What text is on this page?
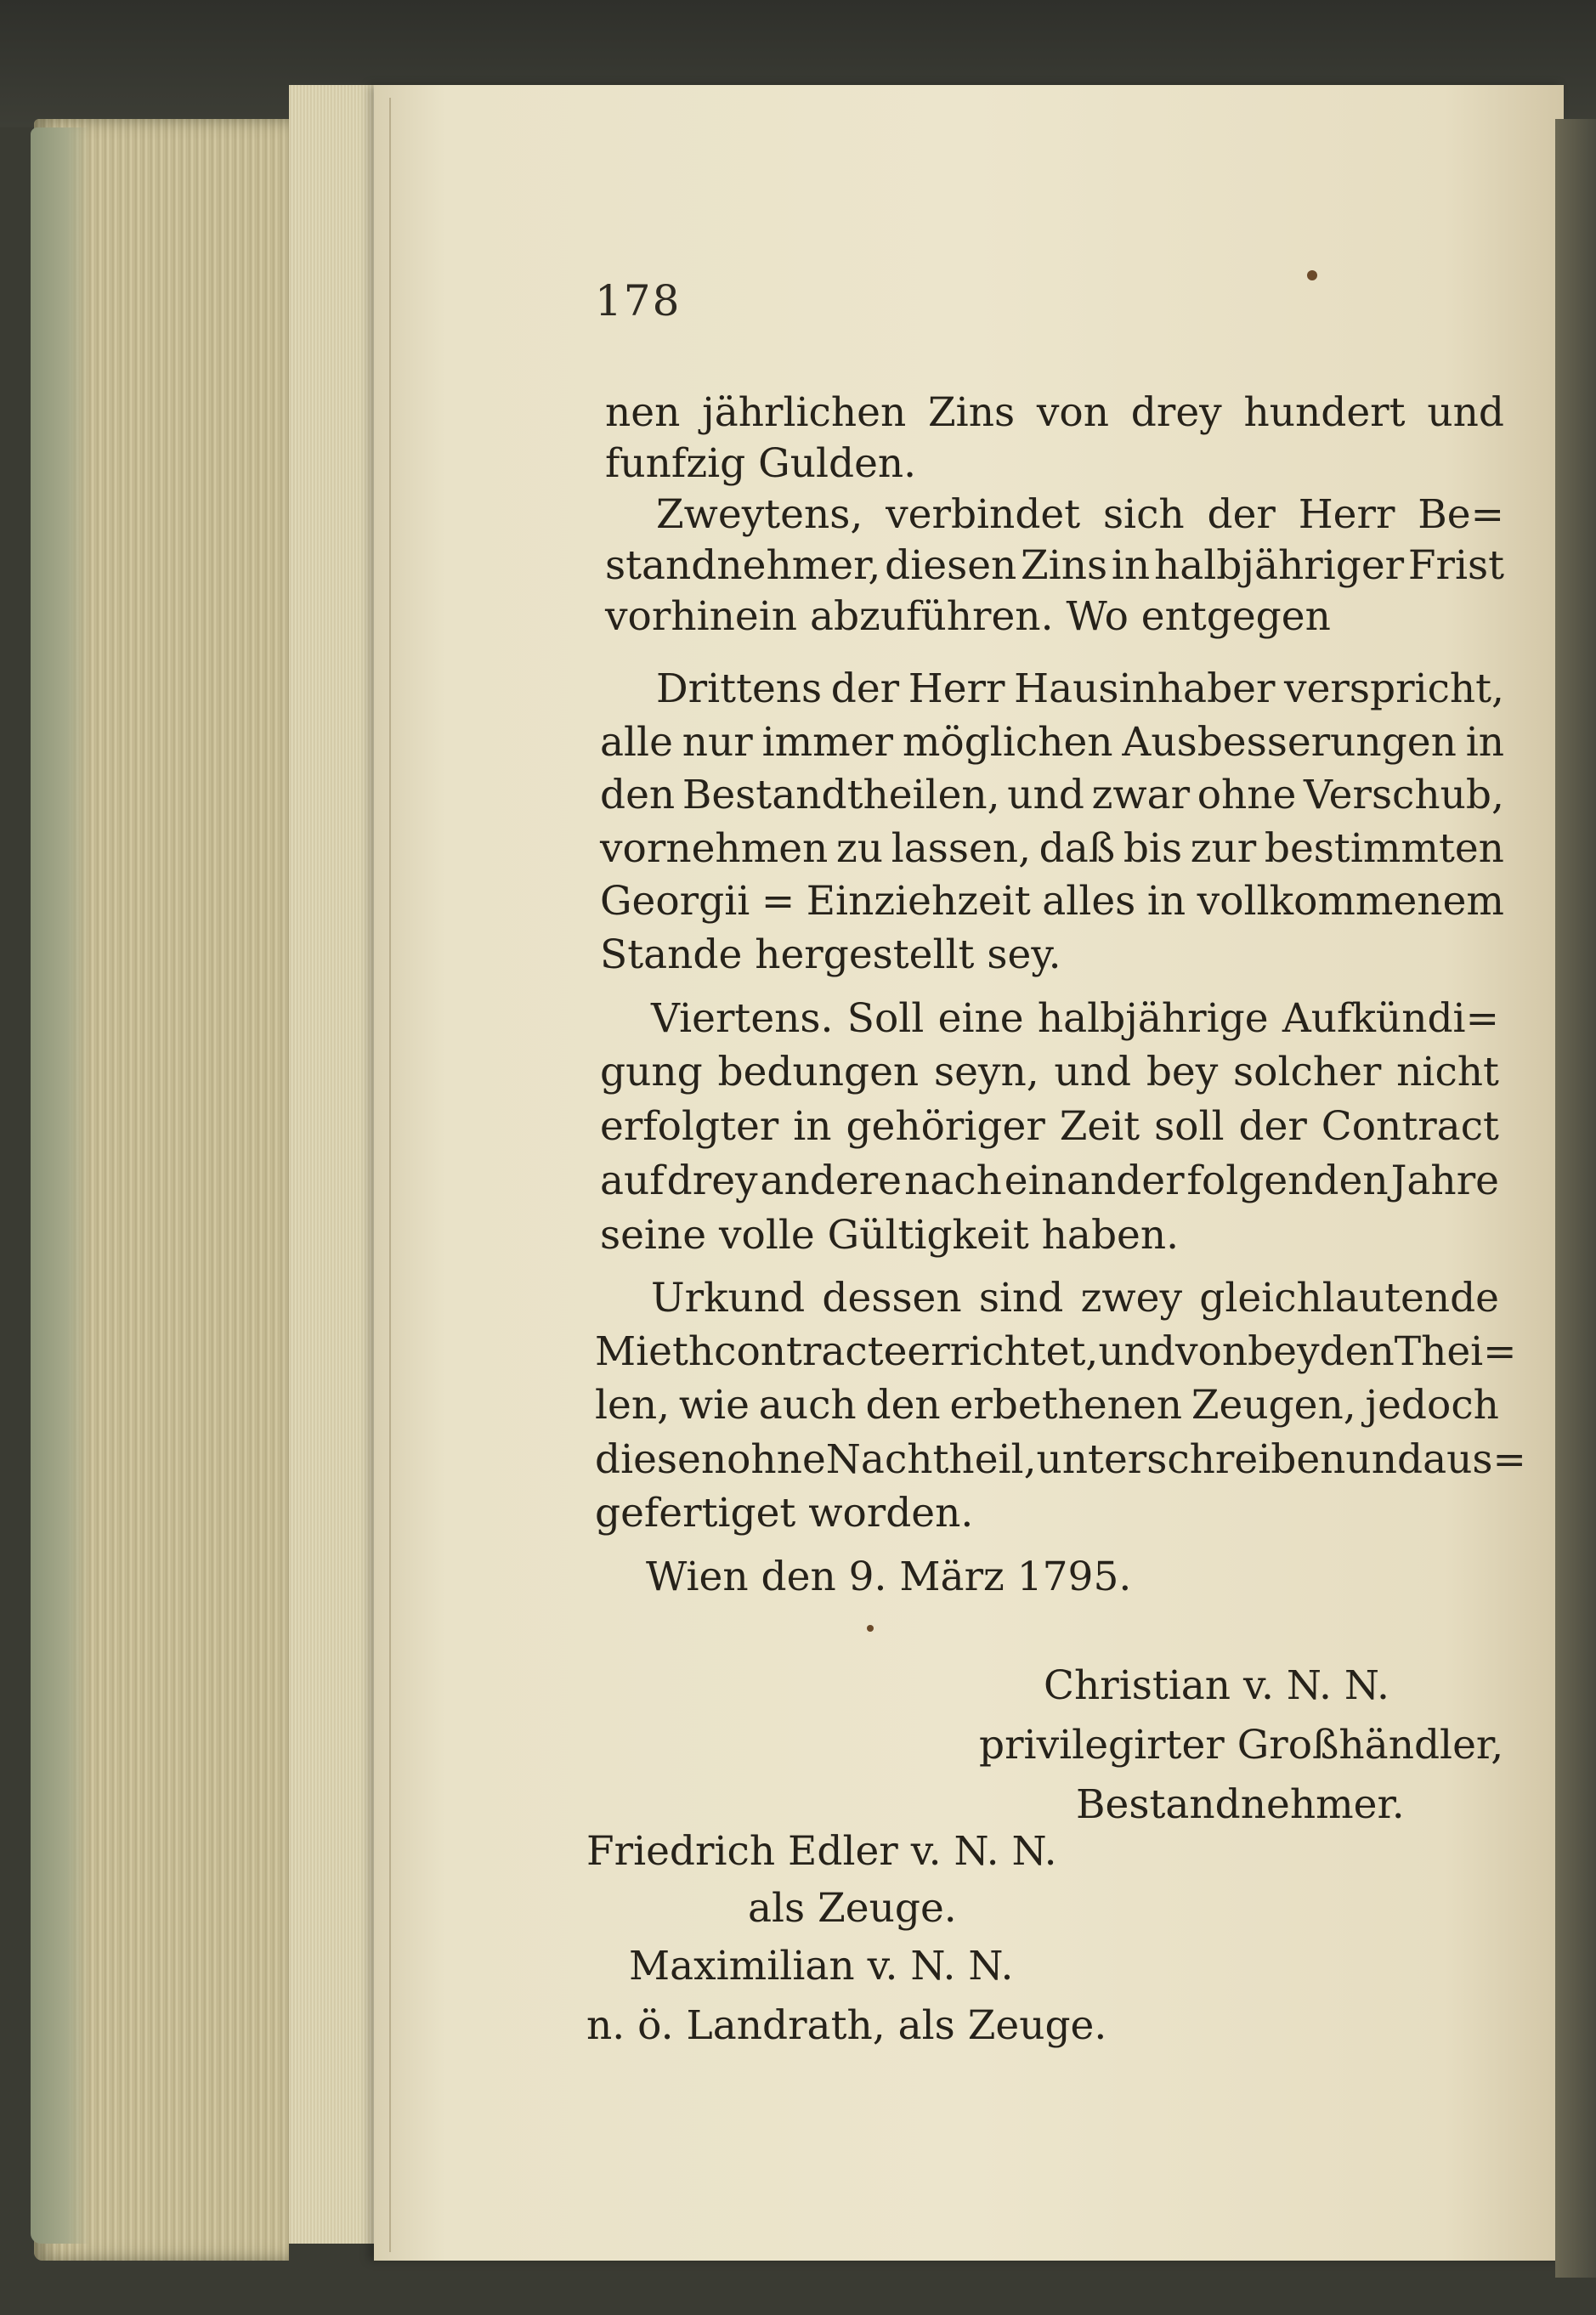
178
nen jährlichen Zins von drey hundert und
funfzig Gulden.
Zweytens, verbindet sich der Herr Be=
standnehmer, diesen Zins in halbjähriger Frist
vorhinein abzuführen. Wo entgegen
Drittens der Herr Hausinhaber verspricht,
alle nur immer möglichen Ausbesserungen in
den Bestandtheilen, und zwar ohne Verschub,
vornehmen zu lassen, daß bis zur bestimmten
Georgii = Einziehzeit alles in vollkommenem
Stande hergestellt sey.
Viertens. Soll eine halbjährige Aufkündi=
gung bedungen seyn, und bey solcher nicht
erfolgter in gehöriger Zeit soll der Contract
auf drey andere nach einander folgenden Jahre
seine volle Gültigkeit haben.
Urkund dessen sind zwey gleichlautende
Miethcontracte errichtet, und von beyden Thei=
len, wie auch den erbethenen Zeugen, jedoch
diesen ohne Nachtheil, unterschreiben und aus=
gefertiget worden.
Wien den 9. März 1795.
Christian v. N. N.
privilegirter Großhändler,
Bestandnehmer.
Friedrich Edler v. N. N.
als Zeuge.
Maximilian v. N. N.
n. ö. Landrath, als Zeuge.
